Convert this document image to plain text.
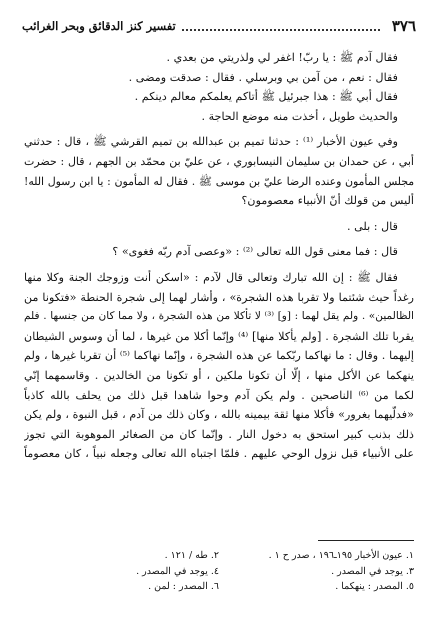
٣٧٦
تفسير كنز الدقائق وبحر الغرائب
فقال آدم ﷺ : يا ربّ! اغفر لي ولذريتي من بعدي .
فقال : نعم ، من آمن بي وبرسلي . فقال : صدقت ومضى .
فقال أبي ﷺ : هذا جبرئيل ﷺ أتاكم يعلمكم معالم دينكم .
والحديث طويل ، أخذت منه موضع الحاجة .
وفي عيون الأخبار ⁽¹⁾ : حدثنا تميم بن عبدالله بن تميم القرشي ﷺ ، قال : حدثني
أبي ، عن حمدان بن سليمان النيسابوري ، عن عليّ بن محمّد بن الجهم ، قال : حضرت
مجلس المأمون وعنده الرضا عليّ بن موسى ﷺ . فقال له المأمون : يا ابن رسول الله!
أليس من قولك أنّ الأنبياء معصومون؟
قال : بلى .
قال : فما معنى قول الله تعالى ⁽²⁾ : «وعصى آدم ربّه فغوى» ؟
فقال ﷺ : إن الله تبارك وتعالى قال لآدم : «اسكن أنت وزوجك الجنة وكلا منها
رغداً حيث شئتما ولا تقربا هذه الشجرة» ، وأشار لهما إلى شجرة الحنطة «فتكونا من
الظالمين» . ولم يقل لهما : [و] ⁽³⁾ لا تأكلا من هذه الشجرة ، ولا مما كان من جنسها . فلم
يقربا تلك الشجرة . [ولم يأكلا منها] ⁽⁴⁾ وإنّما أكلا من غيرها ، لما أن وسوس الشيطان
إليهما . وقال : ما نهاكما ربّكما عن هذه الشجرة ، وإنّما نهاكما ⁽⁵⁾ أن تقربا غيرها ، ولم
ينهكما عن الأكل منها ، إلّا أن تكونا ملكين ، أو تكونا من الخالدين . وقاسمهما إنّي
لكما من ⁽⁶⁾ الناصحين . ولم يكن آدم وحوا شاهدا قبل ذلك من يحلف بالله كاذباً
«فدلّيهما بغرور» فأكلا منها ثقة بيمينه بالله ، وكان ذلك من آدم ، قبل النبوة ، ولم يكن
ذلك بذنب كبير استحق به دخول النار . وإنّما كان من الصغائر الموهوبة التي تجوز
على الأنبياء قبل نزول الوحي عليهم . فلمّا اجتباه الله تعالى وجعله نبياً ، كان معصوماً
١. عيون الأخبار ١٩٥ـ١٩٦ ، صدر ح ١ .
٢. طه / ١٢١ .
٣. يوجد في المصدر .
٤. يوجد في المصدر .
٥. المصدر : ينهكما .
٦. المصدر : لمن .
